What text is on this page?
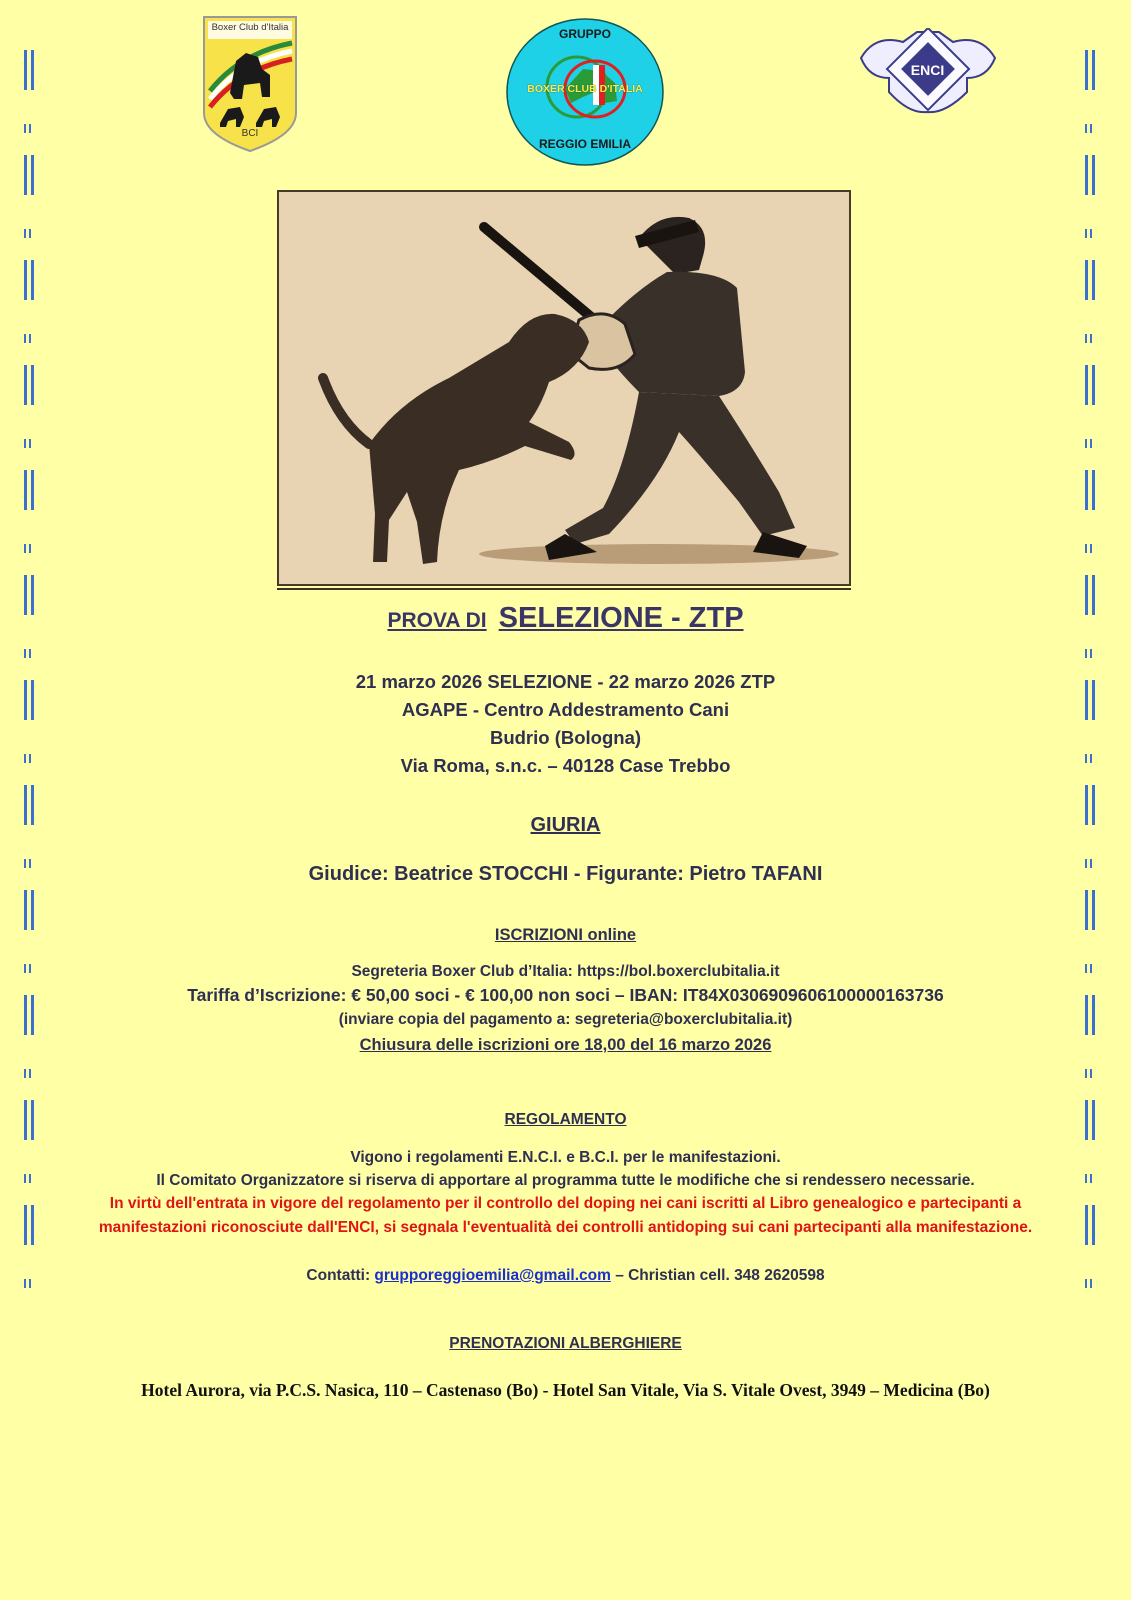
Boxer Club d'Italia
BCI
GRUPPO
BOXER CLUB D'ITALIA
REGGIO EMILIA
ENCI
PROVA DI SELEZIONE - ZTP
21 marzo 2026 SELEZIONE - 22 marzo 2026 ZTP
AGAPE - Centro Addestramento Cani
Budrio (Bologna)
Via Roma, s.n.c. – 40128 Case Trebbo
GIURIA
Giudice: Beatrice STOCCHI - Figurante: Pietro TAFANI
ISCRIZIONI online
Segreteria Boxer Club d’Italia: https://bol.boxerclubitalia.it
Tariffa d’Iscrizione: € 50,00 soci - € 100,00 non soci – IBAN: IT84X0306909606100000163736
(inviare copia del pagamento a: segreteria@boxerclubitalia.it)
Chiusura delle iscrizioni ore 18,00 del 16 marzo 2026
REGOLAMENTO
Vigono i regolamenti E.N.C.I. e B.C.I. per le manifestazioni.
Il Comitato Organizzatore si riserva di apportare al programma tutte le modifiche che si rendessero necessarie.
In virtù dell'entrata in vigore del regolamento per il controllo del doping nei cani iscritti al Libro genealogico e partecipanti a
manifestazioni riconosciute dall'ENCI, si segnala l'eventualità dei controlli antidoping sui cani partecipanti alla manifestazione.
Contatti: grupporeggioemilia@gmail.com – Christian cell. 348 2620598
PRENOTAZIONI ALBERGHIERE
Hotel Aurora, via P.C.S. Nasica, 110 – Castenaso (Bo) - Hotel San Vitale, Via S. Vitale Ovest, 3949 – Medicina (Bo)
